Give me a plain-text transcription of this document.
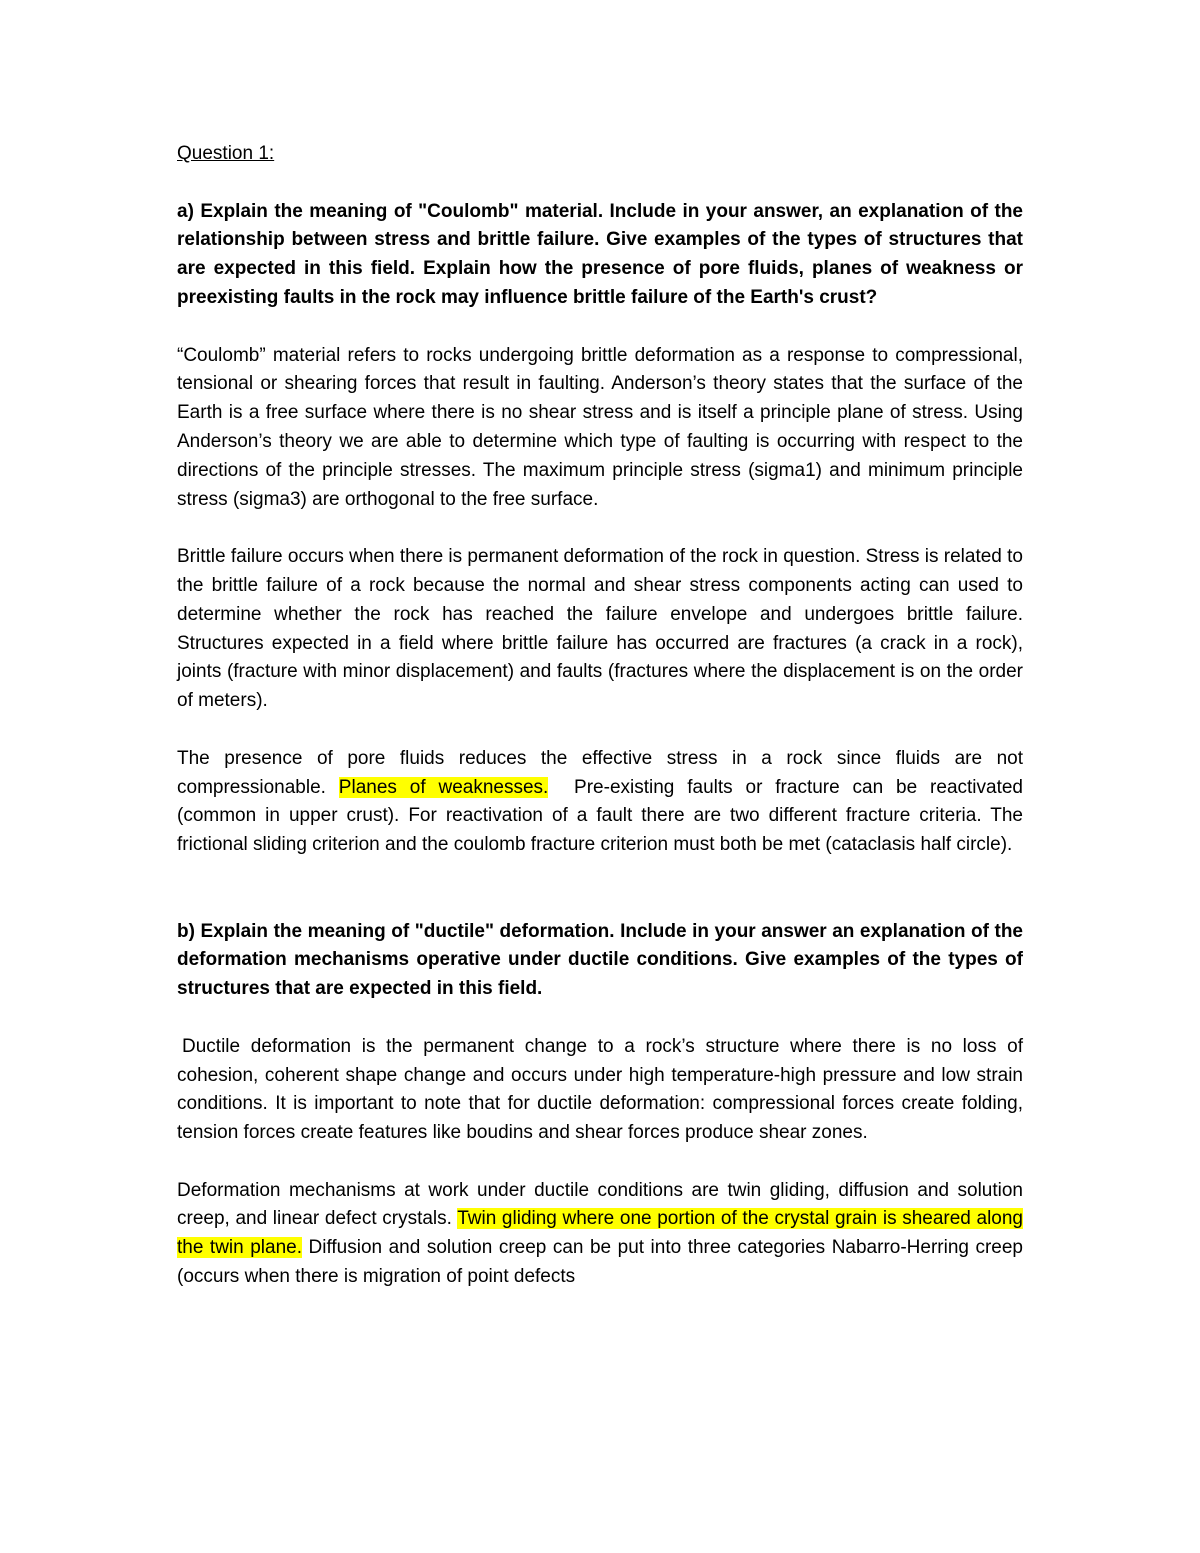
Question 1:

a) Explain the meaning of "Coulomb" material. Include in your answer, an explanation of the relationship between stress and brittle failure. Give examples of the types of structures that are expected in this field. Explain how the presence of pore fluids, planes of weakness or preexisting faults in the rock may influence brittle failure of the Earth's crust?

“Coulomb” material refers to rocks undergoing brittle deformation as a response to compressional, tensional or shearing forces that result in faulting. Anderson’s theory states that the surface of the Earth is a free surface where there is no shear stress and is itself a principle plane of stress. Using Anderson’s theory we are able to determine which type of faulting is occurring with respect to the directions of the principle stresses. The maximum principle stress (sigma1) and minimum principle stress (sigma3) are orthogonal to the free surface.

Brittle failure occurs when there is permanent deformation of the rock in question. Stress is related to the brittle failure of a rock because the normal and shear stress components acting can used to determine whether the rock has reached the failure envelope and undergoes brittle failure. Structures expected in a field where brittle failure has occurred are fractures (a crack in a rock), joints (fracture with minor displacement) and faults (fractures where the displacement is on the order of meters).

The presence of pore fluids reduces the effective stress in a rock since fluids are not compressionable. Planes of weaknesses. Pre-existing faults or fracture can be reactivated (common in upper crust). For reactivation of a fault there are two different fracture criteria. The frictional sliding criterion and the coulomb fracture criterion must both be met (cataclasis half circle).

b) Explain the meaning of "ductile" deformation. Include in your answer an explanation of the deformation mechanisms operative under ductile conditions. Give examples of the types of structures that are expected in this field.

Ductile deformation is the permanent change to a rock’s structure where there is no loss of cohesion, coherent shape change and occurs under high temperature-high pressure and low strain conditions. It is important to note that for ductile deformation: compressional forces create folding, tension forces create features like boudins and shear forces produce shear zones.

Deformation mechanisms at work under ductile conditions are twin gliding, diffusion and solution creep, and linear defect crystals. Twin gliding where one portion of the crystal grain is sheared along the twin plane. Diffusion and solution creep can be put into three categories Nabarro-Herring creep (occurs when there is migration of point defects
